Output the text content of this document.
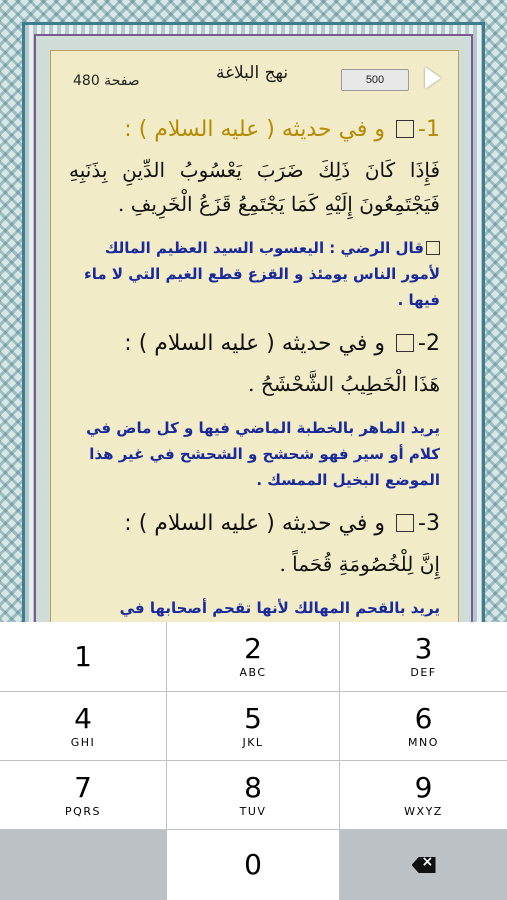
صفحة 480	نهج البلاغة
500
1- و في حديثه ( عليه السلام ) :
فَإِذَا كَانَ ذَلِكَ ضَرَبَ يَعْسُوبُ الدِّينِ بِذَنَبِهِ فَيَجْتَمِعُونَ إِلَيْهِ كَمَا يَجْتَمِعُ قَزَعُ الْخَرِيفِ .
قال الرضي : اليعسوب السيد العظيم المالك لأمور الناس يومئذ و القزع قطع الغيم التي لا ماء فيها .
2- و في حديثه ( عليه السلام ) :
هَذَا الْخَطِيبُ الشَّحْشَحُ .
يريد الماهر بالخطبة الماضي فيها و كل ماض في كلام أو سير فهو شحشح و الشحشح في غير هذا الموضع البخيل الممسك .
3- و في حديثه ( عليه السلام ) :
إِنَّ لِلْخُصُومَةِ قُحَماً .
يريد بالقحم المهالك لأنها تقحم أصحابها في
1	2
ABC
3
DEF
4
GHI
5
JKL
6
MNO
7
PQRS
8
TUV
9
WXYZ
0
×
